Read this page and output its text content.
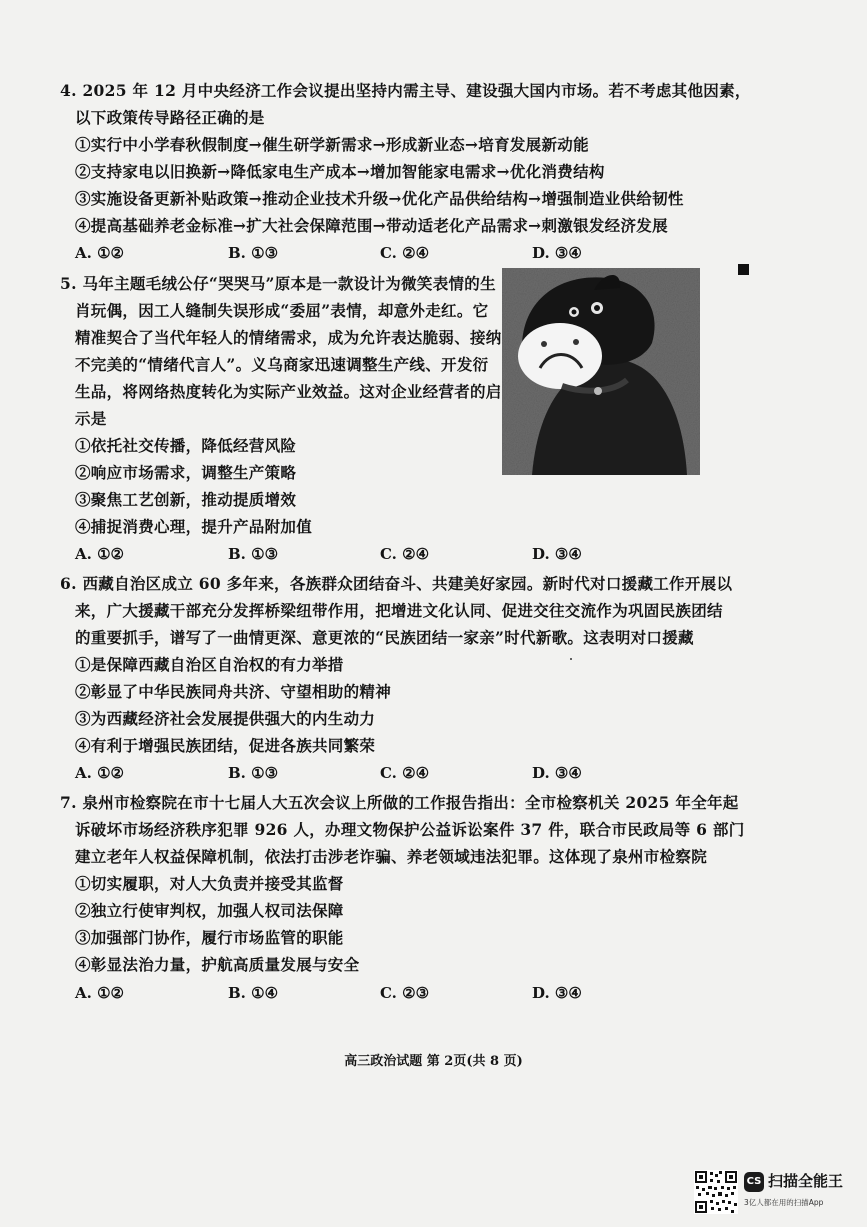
4. 2025 年 12 月中央经济工作会议提出坚持内需主导、建设强大国内市场。若不考虑其他因素，
以下政策传导路径正确的是
①实行中小学春秋假制度→催生研学新需求→形成新业态→培育发展新动能
②支持家电以旧换新→降低家电生产成本→增加智能家电需求→优化消费结构
③实施设备更新补贴政策→推动企业技术升级→优化产品供给结构→增强制造业供给韧性
④提高基础养老金标准→扩大社会保障范围→带动适老化产品需求→刺激银发经济发展
A. ①②	B. ①③	C. ②④	D. ③④
5. 马年主题毛绒公仔“哭哭马”原本是一款设计为微笑表情的生
肖玩偶，因工人缝制失误形成“委屈”表情，却意外走红。它
精准契合了当代年轻人的情绪需求，成为允许表达脆弱、接纳
不完美的“情绪代言人”。义乌商家迅速调整生产线、开发衍
生品，将网络热度转化为实际产业效益。这对企业经营者的启
示是
①依托社交传播，降低经营风险
②响应市场需求，调整生产策略
③聚焦工艺创新，推动提质增效
④捕捉消费心理，提升产品附加值
A. ①②	B. ①③	C. ②④	D. ③④
6. 西藏自治区成立 60 多年来，各族群众团结奋斗、共建美好家园。新时代对口援藏工作开展以
来，广大援藏干部充分发挥桥梁纽带作用，把增进文化认同、促进交往交流作为巩固民族团结
的重要抓手，谱写了一曲情更深、意更浓的“民族团结一家亲”时代新歌。这表明对口援藏
①是保障西藏自治区自治权的有力举措
②彰显了中华民族同舟共济、守望相助的精神
③为西藏经济社会发展提供强大的内生动力
④有利于增强民族团结，促进各族共同繁荣
A. ①②	B. ①③	C. ②④	D. ③④
7. 泉州市检察院在市十七届人大五次会议上所做的工作报告指出：全市检察机关 2025 年全年起
诉破坏市场经济秩序犯罪 926 人，办理文物保护公益诉讼案件 37 件，联合市民政局等 6 部门
建立老年人权益保障机制，依法打击涉老诈骗、养老领域违法犯罪。这体现了泉州市检察院
①切实履职，对人大负责并接受其监督
②独立行使审判权，加强人权司法保障
③加强部门协作，履行市场监管的职能
④彰显法治力量，护航高质量发展与安全
A. ①②	B. ①④	C. ②③	D. ③④
高三政治试题 第 2页(共 8 页)
CS 扫描全能王
3亿人都在用的扫描App
